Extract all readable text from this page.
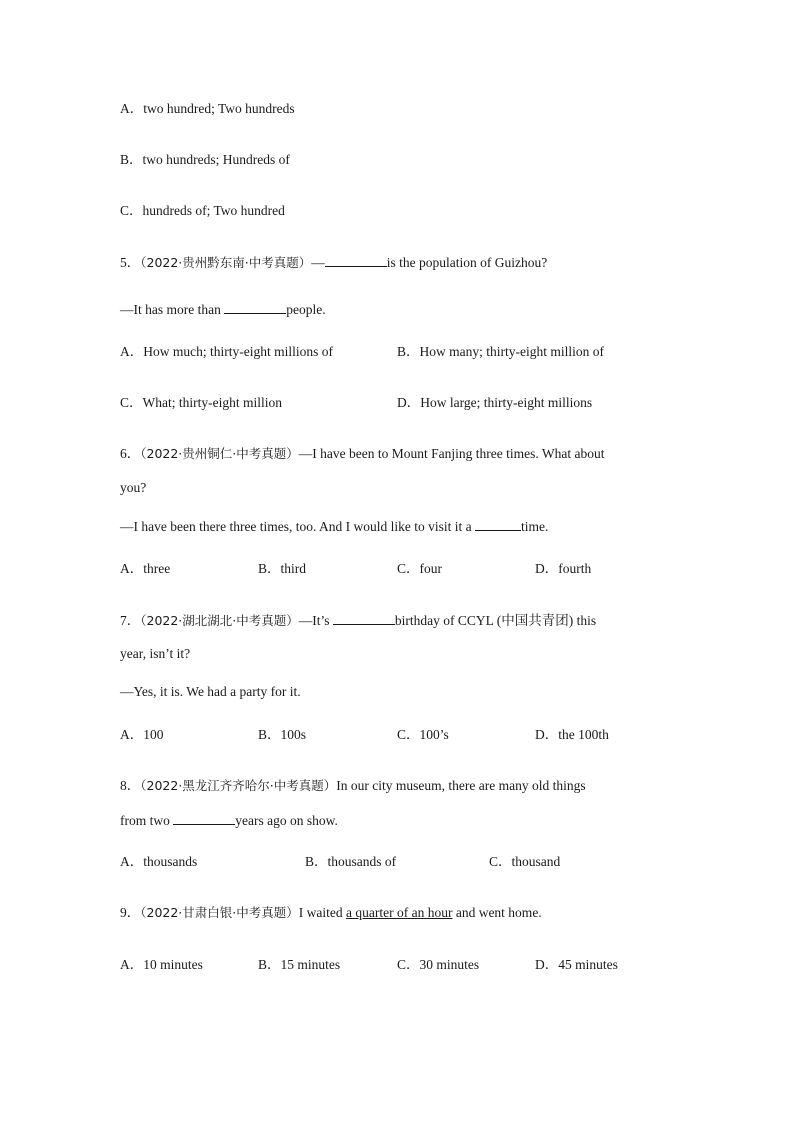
A．two hundred; Two hundreds
B．two hundreds; Hundreds of
C．hundreds of; Two hundred
5．（2022·贵州黔东南·中考真题）—	is the population of Guizhou?
—It has more than	people.
A．How much; thirty-eight millions of	B．How many; thirty-eight million of
C．What; thirty-eight million	D．How large; thirty-eight millions
6．（2022·贵州铜仁·中考真题）—I have been to Mount Fanjing three times. What about
you?
—I have been there three times, too. And I would like to visit it a	time.
A．three	B．third	C．four	D．fourth
7．（2022·湖北湖北·中考真题）—It’s	birthday of CCYL (中国共青团) this
year, isn’t it?
—Yes, it is. We had a party for it.
A．100	B．100s	C．100’s	D．the 100th
8．（2022·黑龙江齐齐哈尔·中考真题）In our city museum, there are many old things
from two	years ago on show.
A．thousands	B．thousands of	C．thousand
9．（2022·甘肃白银·中考真题）I waited a quarter of an hour and went home.
A．10 minutes	B．15 minutes	C．30 minutes	D．45 minutes
